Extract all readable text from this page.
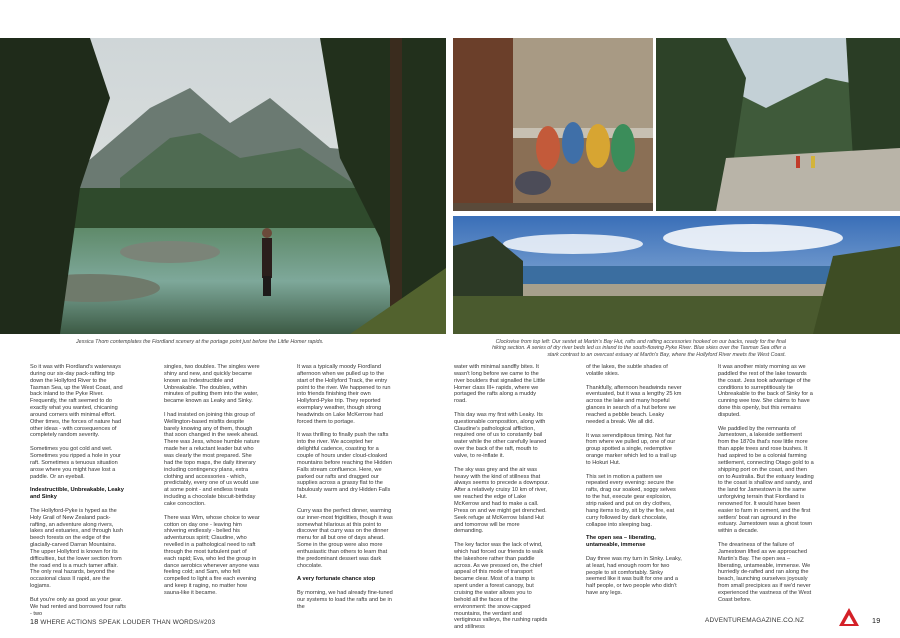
Jessica Thom contemplates the Fiordland scenery at the portage point just before the Little Homer rapids.	Clockwise from top left: Our sextet at Martin's Bay Hut, rafts and rafting accessories hooked on our backs, ready for the final hiking section. A series of dry river beds led us inland to the south-flowing Pyke River. Blue skies over the Tasman Sea offer a stark contrast to an overcast estuary at Martin's Bay, where the Hollyford River meets the West Coast.

So it was with Fiordland's waterways during our six-day pack-rafting trip down the Hollyford River to the Tasman Sea, up the West Coast, and back inland to the Pyke River. Frequently, the raft seemed to do exactly what you wanted, chicaning around corners with minimal effort. Other times, the forces of nature had other ideas - with consequences of completely random severity.

Sometimes you got cold and wet. Sometimes you ripped a hole in your raft. Sometimes a tenuous situation arose where you might have lost a paddle. Or an eyeball.

Indestructible, Unbreakable, Leaky and Sinky

The Hollyford-Pyke is hyped as the Holy Grail of New Zealand pack-rafting, an adventure along rivers, lakes and estuaries, and through lush beech forests on the edge of the glacially-carved Darran Mountains. The upper Hollyford is known for its difficulties, but the lower section from the road end is a much tamer affair. The only real hazards, beyond the occasional class II rapid, are the logjams.

But you're only as good as your gear. We had rented and borrowed four rafts - two

singles, two doubles. The singles were shiny and new, and quickly became known as Indestructible and Unbreakable. The doubles, within minutes of putting them into the water, became known as Leaky and Sinky.

I had insisted on joining this group of Wellington-based misfits despite barely knowing any of them, though that soon changed in the week ahead. There was Jess, whose humble nature made her a reluctant leader but who was clearly the most prepared. She had the topo maps, the daily itinerary including contingency plans, extra clothing and accessories - which, predictably, every one of us would use at some point - and endless treats including a chocolate biscuit-birthday cake concoction.

There was Wim, whose choice to wear cotton on day one - leaving him shivering endlessly - belied his adventurous spirit; Claudine, who revelled in a pathological need to raft through the most turbulent part of each rapid; Eva, who led the group in dance aerobics whenever anyone was feeling cold; and Sam, who felt compelled to light a fire each evening and keep it raging, no matter how sauna-like it became.

It was a typically moody Fiordland afternoon when we pulled up to the start of the Hollyford Track, the entry point to the river. We happened to run into friends finishing their own Hollyford-Pyke trip. They reported exemplary weather, though strong headwinds on Lake McKerrow had forced them to portage.

It was thrilling to finally push the rafts into the river. We accepted her delightful cadence, coasting for a couple of hours under cloud-cloaked mountains before reaching the Hidden Falls stream confluence. Here, we parked our rafts and dragged our supplies across a grassy flat to the fabulously warm and dry Hidden Falls Hut.

Curry was the perfect dinner, warming our inner-most frigidities, though it was somewhat hilarious at this point to discover that curry was on the dinner menu for all but one of days ahead. Some in the group were also more enthusiastic than others to learn that the predominant dessert was dark chocolate.

A very fortunate chance stop

By morning, we had already fine-tuned our systems to load the rafts and be in the

water with minimal sandfly bites. It wasn't long before we came to the river boulders that signalled the Little Homer class III+ rapids, where we portaged the rafts along a muddy road.

This day was my first with Leaky. Its questionable composition, along with Claudine's pathological affliction, required one of us to constantly bail water while the other carefully leaned over the back of the raft, mouth to valve, to re-inflate it.

The sky was grey and the air was heavy with the kind of stillness that always seems to precede a downpour. After a relatively cruisy 10 km of river, we reached the edge of Lake McKerrow and had to make a call. Press on and we might get drenched. Seek refuge at McKerrow Island Hut and tomorrow will be more demanding.

The key factor was the lack of wind, which had forced our friends to walk the lakeshore rather than paddle across. As we pressed on, the chief appeal of this mode of transport became clear. Most of a tramp is spent under a forest canopy, but cruising the water allows you to behold all the faces of the environment: the snow-capped mountains, the verdant and vertiginous valleys, the rushing rapids and stillness

of the lakes, the subtle shades of volatile skies.

Thankfully, afternoon headwinds never eventuated, but it was a lengthy 25 km across the lake and many hopeful glances in search of a hut before we reached a pebble beach. Leaky needed a break. We all did.

It was serendipitous timing. Not far from where we pulled up, one of our group spotted a single, redemptive orange marker which led to a trail up to Hokuri Hut.

This set in motion a pattern we repeated every evening: secure the rafts, drag our soaked, soggy selves to the hut, execute gear explosion, strip naked and put on dry clothes, hang items to dry, sit by the fire, eat curry followed by dark chocolate, collapse into sleeping bag.

The open sea – liberating, untameable, immense

Day three was my turn in Sinky. Leaky, at least, had enough room for two people to sit comfortably. Sinky seemed like it was built for one and a half people, or two people who didn't have any legs.

It was another misty morning as we paddled the rest of the lake towards the coast. Jess took advantage of the conditions to surreptitiously tie Unbreakable to the back of Sinky for a cunning wee tow. She claims to have done this openly, but this remains disputed.

We paddled by the remnants of Jamestown, a lakeside settlement from the 1870s that's now little more than apple trees and rose bushes. It had aspired to be a colonial farming settlement, connecting Otago gold to a shipping port on the coast, and then on to Australia. But the estuary leading to the coast is shallow and sandy, and the land for Jamestown is the same unforgiving terrain that Fiordland is renowned for. It would have been easier to farm in cement, and the first settlers' boat ran aground in the estuary. Jamestown was a ghost town within a decade.

The dreariness of the failure of Jamestown lifted as we approached Martin's Bay. The open sea – liberating, untameable, immense. We hurriedly de-rafted and ran along the beach, launching ourselves joyously from small precipices as if we'd never experienced the vastness of the West Coast before.

18 WHERE ACTIONS SPEAK LOUDER THAN WORDS/#203	ADVENTUREMAGAZINE.CO.NZ	19
